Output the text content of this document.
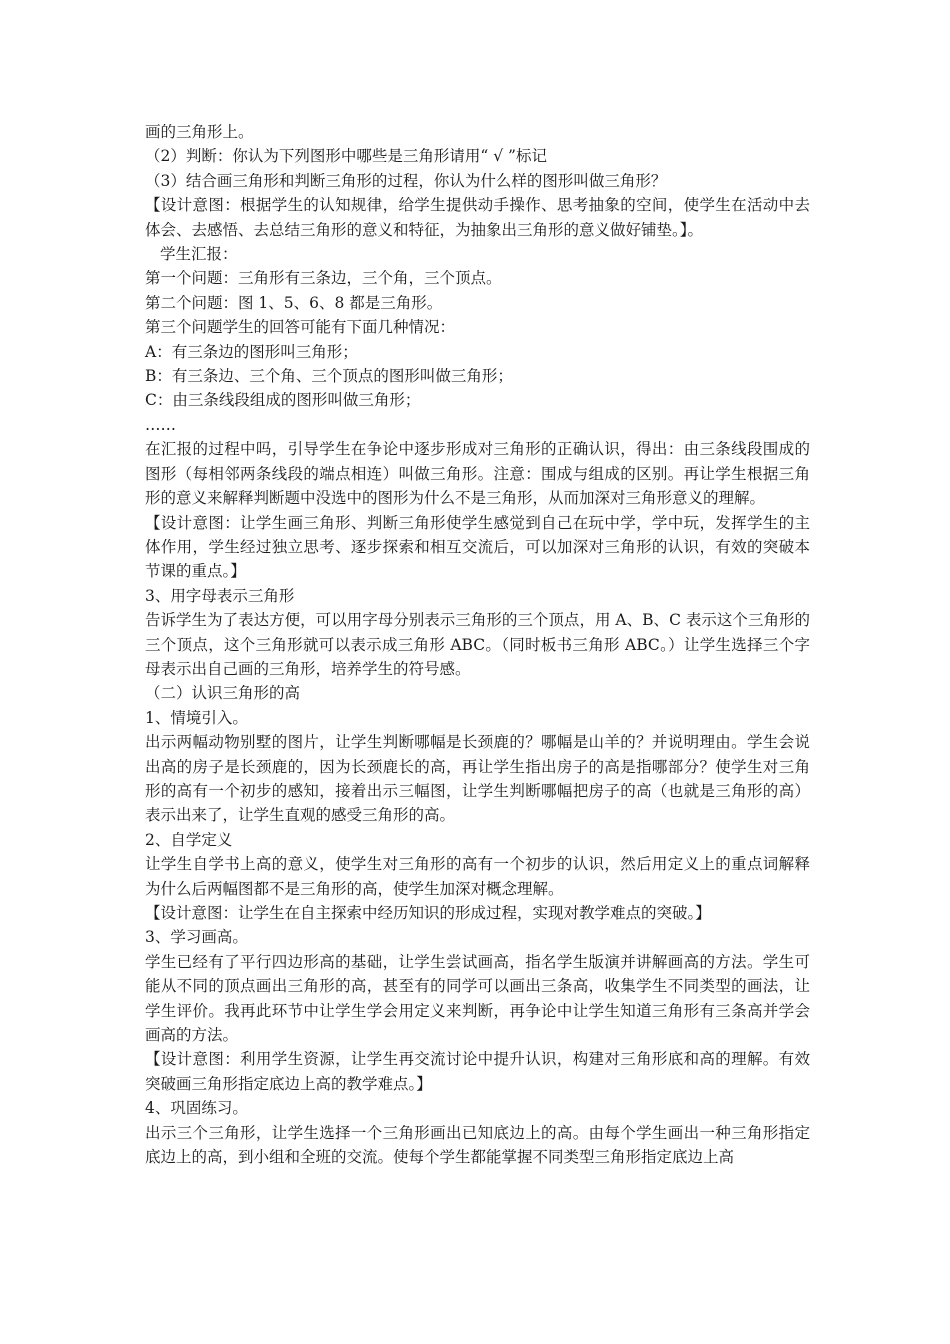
画的三角形上。

（2）判断：你认为下列图形中哪些是三角形请用“ √ ”标记

（3）结合画三角形和判断三角形的过程，你认为什么样的图形叫做三角形？

【设计意图：根据学生的认知规律，给学生提供动手操作、思考抽象的空间，使学生在活动中去体会、去感悟、去总结三角形的意义和特征，为抽象出三角形的意义做好铺垫。】。

学生汇报：

第一个问题：三角形有三条边，三个角，三个顶点。

第二个问题：图 1、5、6、8 都是三角形。

第三个问题学生的回答可能有下面几种情况：

A：有三条边的图形叫三角形；

B：有三条边、三个角、三个顶点的图形叫做三角形；

C：由三条线段组成的图形叫做三角形；

……

在汇报的过程中吗，引导学生在争论中逐步形成对三角形的正确认识，得出：由三条线段围成的图形（每相邻两条线段的端点相连）叫做三角形。注意：围成与组成的区别。再让学生根据三角形的意义来解释判断题中没选中的图形为什么不是三角形，从而加深对三角形意义的理解。

【设计意图：让学生画三角形、判断三角形使学生感觉到自己在玩中学，学中玩，发挥学生的主体作用，学生经过独立思考、逐步探索和相互交流后，可以加深对三角形的认识，有效的突破本节课的重点。】

3、用字母表示三角形

告诉学生为了表达方便，可以用字母分别表示三角形的三个顶点，用 A、B、C 表示这个三角形的三个顶点，这个三角形就可以表示成三角形 ABC。（同时板书三角形 ABC。）让学生选择三个字母表示出自己画的三角形，培养学生的符号感。

（二）认识三角形的高

1、情境引入。

出示两幅动物别墅的图片，让学生判断哪幅是长颈鹿的？哪幅是山羊的？并说明理由。学生会说出高的房子是长颈鹿的，因为长颈鹿长的高，再让学生指出房子的高是指哪部分？使学生对三角形的高有一个初步的感知，接着出示三幅图，让学生判断哪幅把房子的高（也就是三角形的高）表示出来了，让学生直观的感受三角形的高。

2、自学定义

让学生自学书上高的意义，使学生对三角形的高有一个初步的认识，然后用定义上的重点词解释为什么后两幅图都不是三角形的高，使学生加深对概念理解。

【设计意图：让学生在自主探索中经历知识的形成过程，实现对教学难点的突破。】

3、学习画高。

学生已经有了平行四边形高的基础，让学生尝试画高，指名学生版演并讲解画高的方法。学生可能从不同的顶点画出三角形的高，甚至有的同学可以画出三条高，收集学生不同类型的画法，让学生评价。我再此环节中让学生学会用定义来判断，再争论中让学生知道三角形有三条高并学会画高的方法。

【设计意图：利用学生资源，让学生再交流讨论中提升认识，构建对三角形底和高的理解。有效突破画三角形指定底边上高的教学难点。】

4、巩固练习。

出示三个三角形，让学生选择一个三角形画出已知底边上的高。由每个学生画出一种三角形指定底边上的高，到小组和全班的交流。使每个学生都能掌握不同类型三角形指定底边上高
